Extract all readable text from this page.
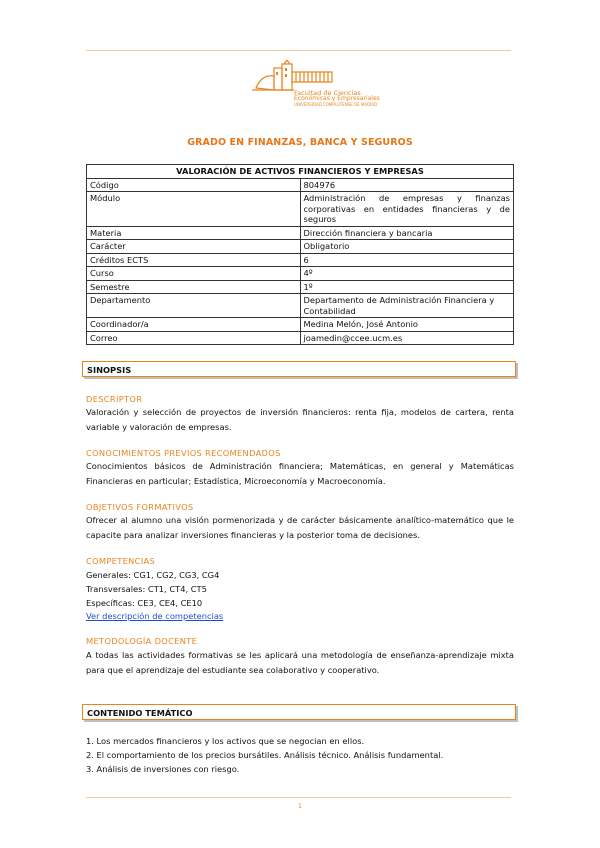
Facultad de Ciencias
Económicas y Empresariales
UNIVERSIDAD COMPLUTENSE DE MADRID
GRADO EN FINANZAS, BANCA Y SEGUROS
VALORACIÓN DE ACTIVOS FINANCIEROS Y EMPRESAS	
Código	804976
Módulo	Administración de empresas y finanzas corporativas en entidades financieras y de seguros
Materia	Dirección financiera y bancaria
Carácter	Obligatorio
Créditos ECTS	6
Curso	4º
Semestre	1º
Departamento	Departamento de Administración Financiera y Contabilidad
Coordinador/a	Medina Melón, José Antonio
Correo	joamedin@ccee.ucm.es
SINOPSIS
DESCRIPTOR
Valoración y selección de proyectos de inversión financieros: renta fija, modelos de cartera, renta variable y valoración de empresas.
CONOCIMIENTOS PREVIOS RECOMENDADOS
Conocimientos básicos de Administración financiera; Matemáticas, en general y Matemáticas Financieras en particular; Estadística, Microeconomía y Macroeconomía.
OBJETIVOS FORMATIVOS
Ofrecer al alumno una visión pormenorizada y de carácter básicamente analítico-matemático que le capacite para analizar inversiones financieras y la posterior toma de decisiones.
COMPETENCIAS
Generales: CG1, CG2, CG3, CG4
Transversales: CT1, CT4, CT5
Específicas: CE3, CE4, CE10
Ver descripción de competencias
METODOLOGÍA DOCENTE
A todas las actividades formativas se les aplicará una metodología de enseñanza-aprendizaje mixta para que el aprendizaje del estudiante sea colaborativo y cooperativo.
CONTENIDO TEMÁTICO
1. Los mercados financieros y los activos que se negocian en ellos.
2. El comportamiento de los precios bursátiles. Análisis técnico. Análisis fundamental.
3. Análisis de inversiones con riesgo.
1
